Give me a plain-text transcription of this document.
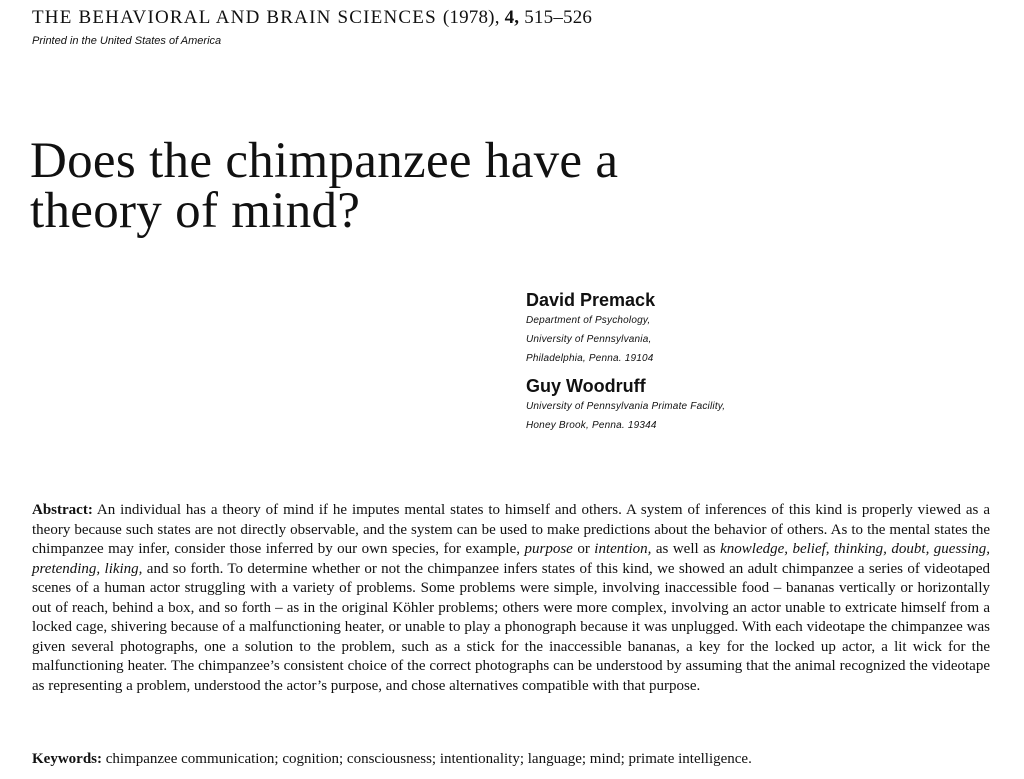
THE BEHAVIORAL AND BRAIN SCIENCES (1978), 4, 515–526
Printed in the United States of America
Does the chimpanzee have a
theory of mind?

David Premack

Department of Psychology,
University of Pennsylvania,
Philadelphia, Penna. 19104

Guy Woodruff

University of Pennsylvania Primate Facility,
Honey Brook, Penna. 19344

Abstract: An individual has a theory of mind if he imputes mental states to himself and others. A system of inferences of this kind is properly viewed as a theory because such states are not directly observable, and the system can be used to make predictions about the behavior of others. As to the mental states the chimpanzee may infer, consider those inferred by our own species, for example, purpose or intention, as well as knowledge, belief, thinking, doubt, guessing, pretending, liking, and so forth. To determine whether or not the chimpanzee infers states of this kind, we showed an adult chimpanzee a series of videotaped scenes of a human actor struggling with a variety of problems. Some problems were simple, involving inaccessible food – bananas vertically or horizontally out of reach, behind a box, and so forth – as in the original Köhler problems; others were more complex, involving an actor unable to extricate himself from a locked cage, shivering because of a malfunctioning heater, or unable to play a phonograph because it was unplugged. With each videotape the chimpanzee was given several photographs, one a solution to the problem, such as a stick for the inaccessible bananas, a key for the locked up actor, a lit wick for the malfunctioning heater. The chimpanzee’s consistent choice of the correct photographs can be understood by assuming that the animal recognized the videotape as representing a problem, understood the actor’s purpose, and chose alternatives compatible with that purpose.

Keywords: chimpanzee communication; cognition; consciousness; intentionality; language; mind; primate intelligence.
